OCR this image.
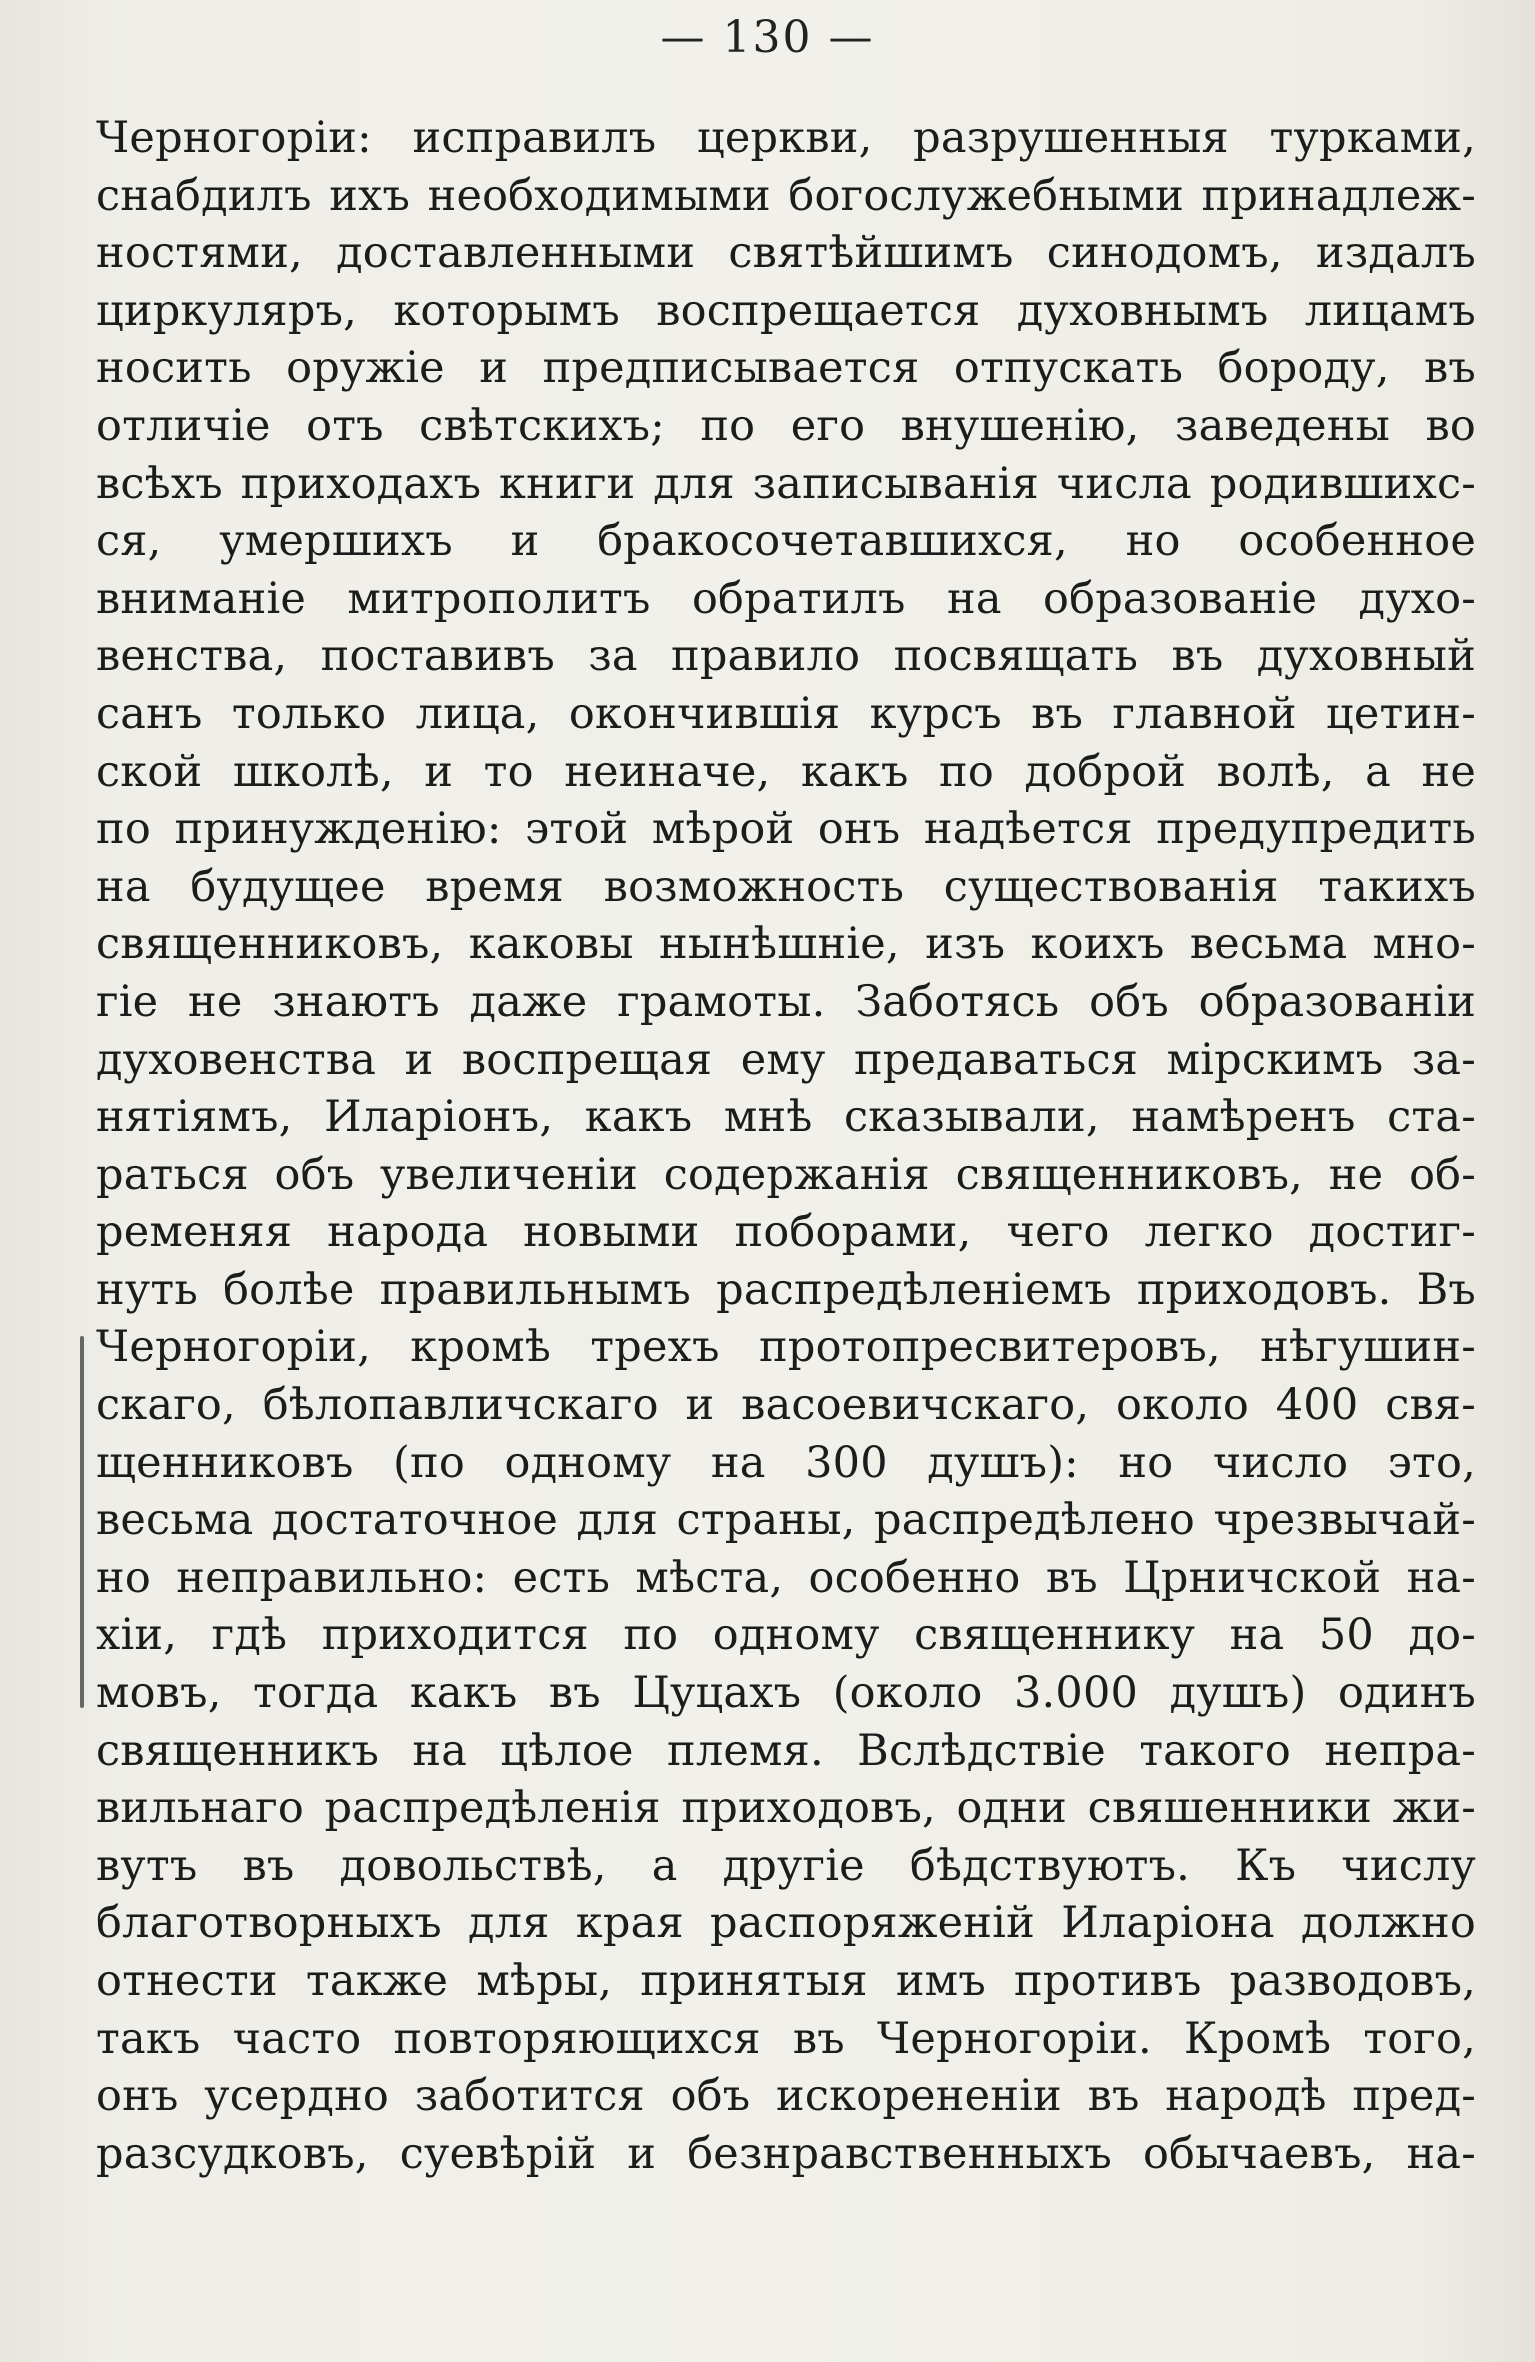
— 130 —
Черногоріи: исправилъ церкви, разрушенныя турками,
снабдилъ ихъ необходимыми богослужебными принадлеж-
ностями, доставленными святѣйшимъ синодомъ, издалъ
циркуляръ, которымъ воспрещается духовнымъ лицамъ
носить оружіе и предписывается отпускать бороду, въ
отличіе отъ свѣтскихъ; по его внушенію, заведены во
всѣхъ приходахъ книги для записыванія числа родившихс-
ся, умершихъ и бракосочетавшихся, но особенное
вниманіе митрополитъ обратилъ на образованіе духо-
венства, поставивъ за правило посвящать въ духовный
санъ только лица, окончившія курсъ въ главной цетин-
ской школѣ, и то неиначе, какъ по доброй волѣ, а не
по принужденію: этой мѣрой онъ надѣется предупредить
на будущее время возможность существованія такихъ
священниковъ, каковы нынѣшніе, изъ коихъ весьма мно-
гіе не знаютъ даже грамоты. Заботясь объ образованіи
духовенства и воспрещая ему предаваться мірскимъ за-
нятіямъ, Иларіонъ, какъ мнѣ сказывали, намѣренъ ста-
раться объ увеличеніи содержанія священниковъ, не об-
ременяя народа новыми поборами, чего легко достиг-
нуть болѣе правильнымъ распредѣленіемъ приходовъ. Въ
Черногоріи, кромѣ трехъ протопресвитеровъ, нѣгушин-
скаго, бѣлопавличскаго и васоевичскаго, около 400 свя-
щенниковъ (по одному на 300 душъ): но число это,
весьма достаточное для страны, распредѣлено чрезвычай-
но неправильно: есть мѣста, особенно въ Црничской на-
хіи, гдѣ приходится по одному священнику на 50 до-
мовъ, тогда какъ въ Цуцахъ (около 3.000 душъ) одинъ
священникъ на цѣлое племя. Вслѣдствіе такого непра-
вильнаго распредѣленія приходовъ, одни свяшенники жи-
вутъ въ довольствѣ, а другіе бѣдствуютъ. Къ числу
благотворныхъ для края распоряженій Иларіона должно
отнести также мѣры, принятыя имъ противъ разводовъ,
такъ часто повторяющихся въ Черногоріи. Кромѣ того,
онъ усердно заботится объ искорененіи въ народѣ пред-
разсудковъ, суевѣрій и безнравственныхъ обычаевъ, на-
